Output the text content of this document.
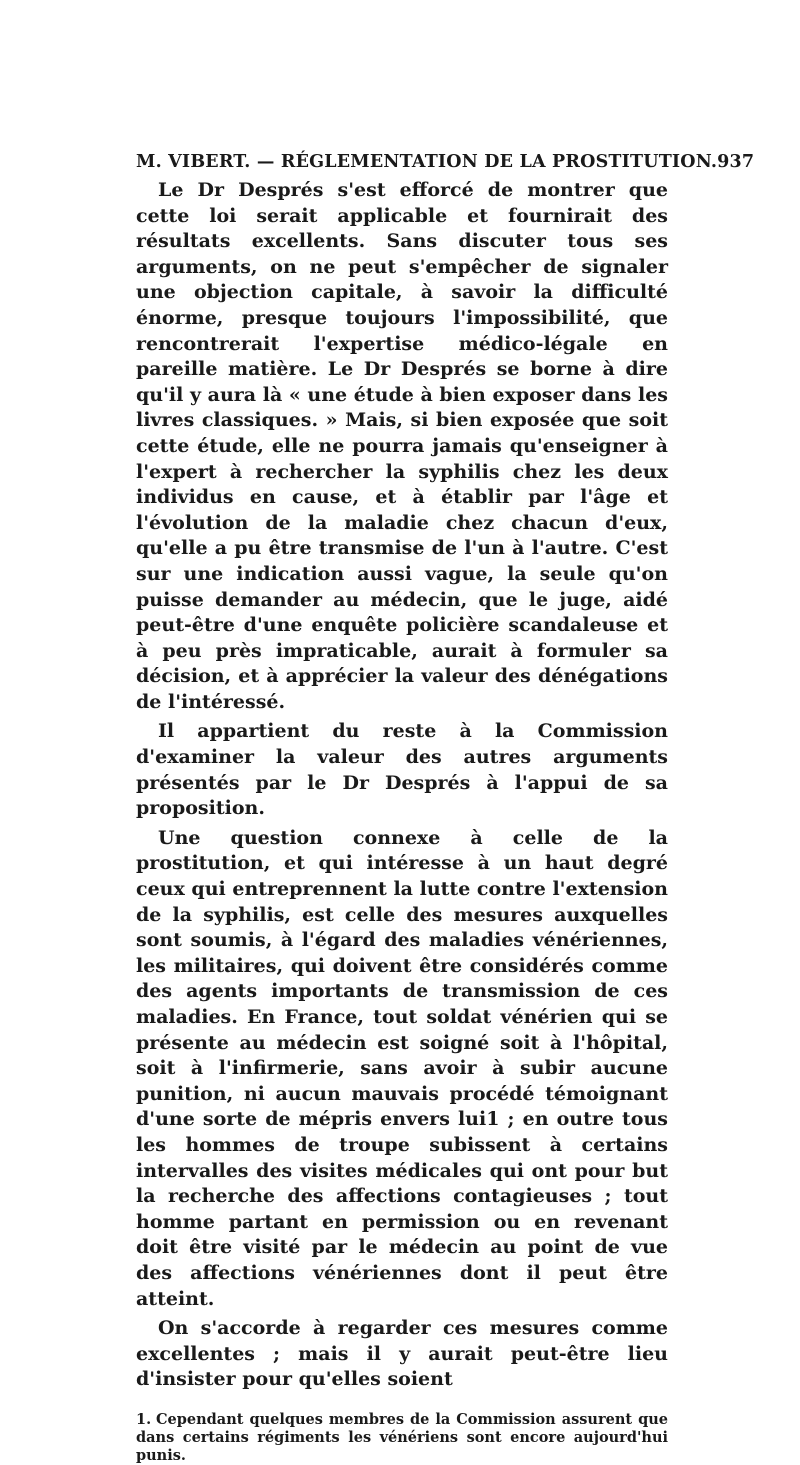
M. VIBERT. — RÉGLEMENTATION DE LA PROSTITUTION. 937

Le Dr Després s'est efforcé de montrer que cette loi serait applicable et fournirait des résultats excellents. Sans discuter tous ses arguments, on ne peut s'empêcher de signaler une objection capitale, à savoir la difficulté énorme, presque toujours l'impossibilité, que rencontrerait l'expertise médico-légale en pareille matière. Le Dr Després se borne à dire qu'il y aura là « une étude à bien exposer dans les livres classiques. » Mais, si bien exposée que soit cette étude, elle ne pourra jamais qu'enseigner à l'expert à rechercher la syphilis chez les deux individus en cause, et à établir par l'âge et l'évolution de la maladie chez chacun d'eux, qu'elle a pu être transmise de l'un à l'autre. C'est sur une indication aussi vague, la seule qu'on puisse demander au médecin, que le juge, aidé peut-être d'une enquête policière scandaleuse et à peu près impraticable, aurait à formuler sa décision, et à apprécier la valeur des dénégations de l'intéressé.

Il appartient du reste à la Commission d'examiner la valeur des autres arguments présentés par le Dr Després à l'appui de sa proposition.

Une question connexe à celle de la prostitution, et qui intéresse à un haut degré ceux qui entreprennent la lutte contre l'extension de la syphilis, est celle des mesures auxquelles sont soumis, à l'égard des maladies vénériennes, les militaires, qui doivent être considérés comme des agents importants de transmission de ces maladies. En France, tout soldat vénérien qui se présente au médecin est soigné soit à l'hôpital, soit à l'infirmerie, sans avoir à subir aucune punition, ni aucun mauvais procédé témoignant d'une sorte de mépris envers lui1 ; en outre tous les hommes de troupe subissent à certains intervalles des visites médicales qui ont pour but la recherche des affections contagieuses ; tout homme partant en permission ou en revenant doit être visité par le médecin au point de vue des affections vénériennes dont il peut être atteint.

On s'accorde à regarder ces mesures comme excellentes ; mais il y aurait peut-être lieu d'insister pour qu'elles soient

1. Cependant quelques membres de la Commission assurent que dans certains régiments les vénériens sont encore aujourd'hui punis.
